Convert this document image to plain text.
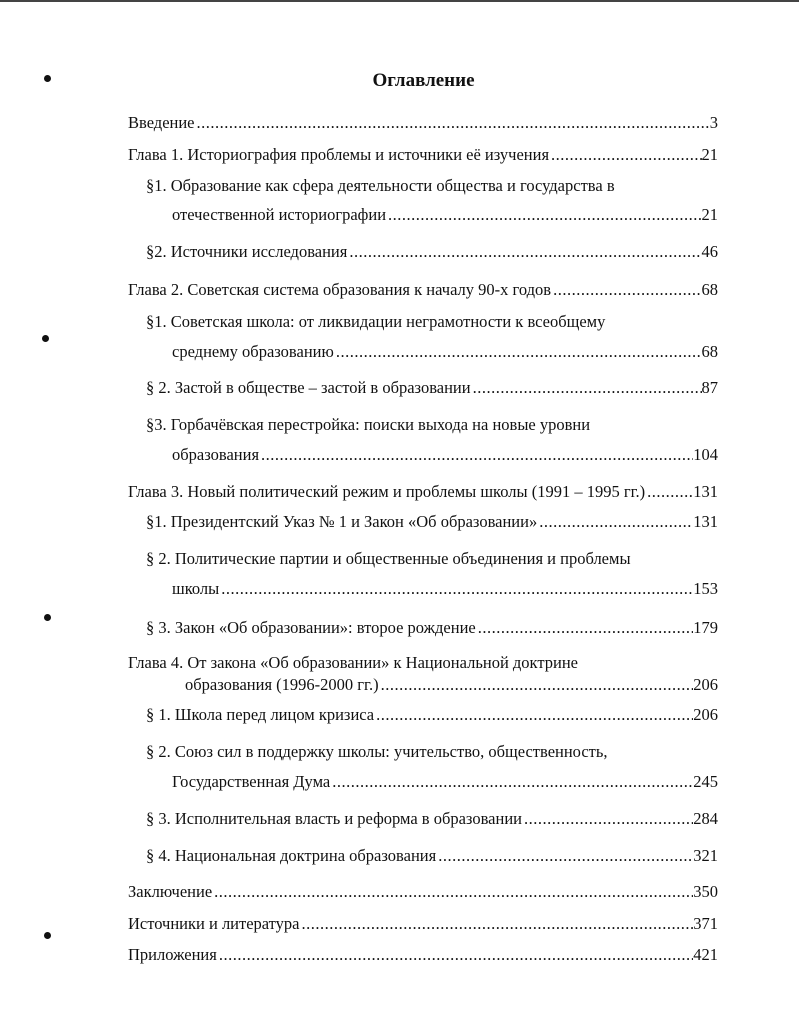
Оглавление
Введение .....	3
Глава 1. Историография проблемы и источники её изучения .....	21
§1. Образование как сфера деятельности общества и государства в
отечественной историографии .....	21
§2. Источники исследования .....	46
Глава 2. Советская система образования к началу 90-х годов .....	68
§1. Советская школа: от ликвидации неграмотности к всеобщему
среднему образованию .....	68
§ 2. Застой в обществе – застой в образовании .....	87
§3. Горбачёвская перестройка: поиски выхода на новые уровни
образования .....	104
Глава 3. Новый политический режим и проблемы школы (1991 – 1995 гг.) .....	131
§1. Президентский Указ № 1 и Закон «Об образовании» .....	131
§ 2. Политические партии и общественные объединения и проблемы
школы .....	153
§ 3. Закон «Об образовании»: второе рождение .....	179
Глава 4. От закона «Об образовании» к Национальной доктрине
образования (1996-2000 гг.) .....	206
§ 1. Школа перед лицом кризиса .....	206
§ 2. Союз сил в поддержку школы: учительство, общественность,
Государственная Дума .....	245
§ 3. Исполнительная власть и реформа в образовании .....	284
§ 4. Национальная доктрина образования .....	321
Заключение .....	350
Источники и литература .....	371
Приложения .....	421
